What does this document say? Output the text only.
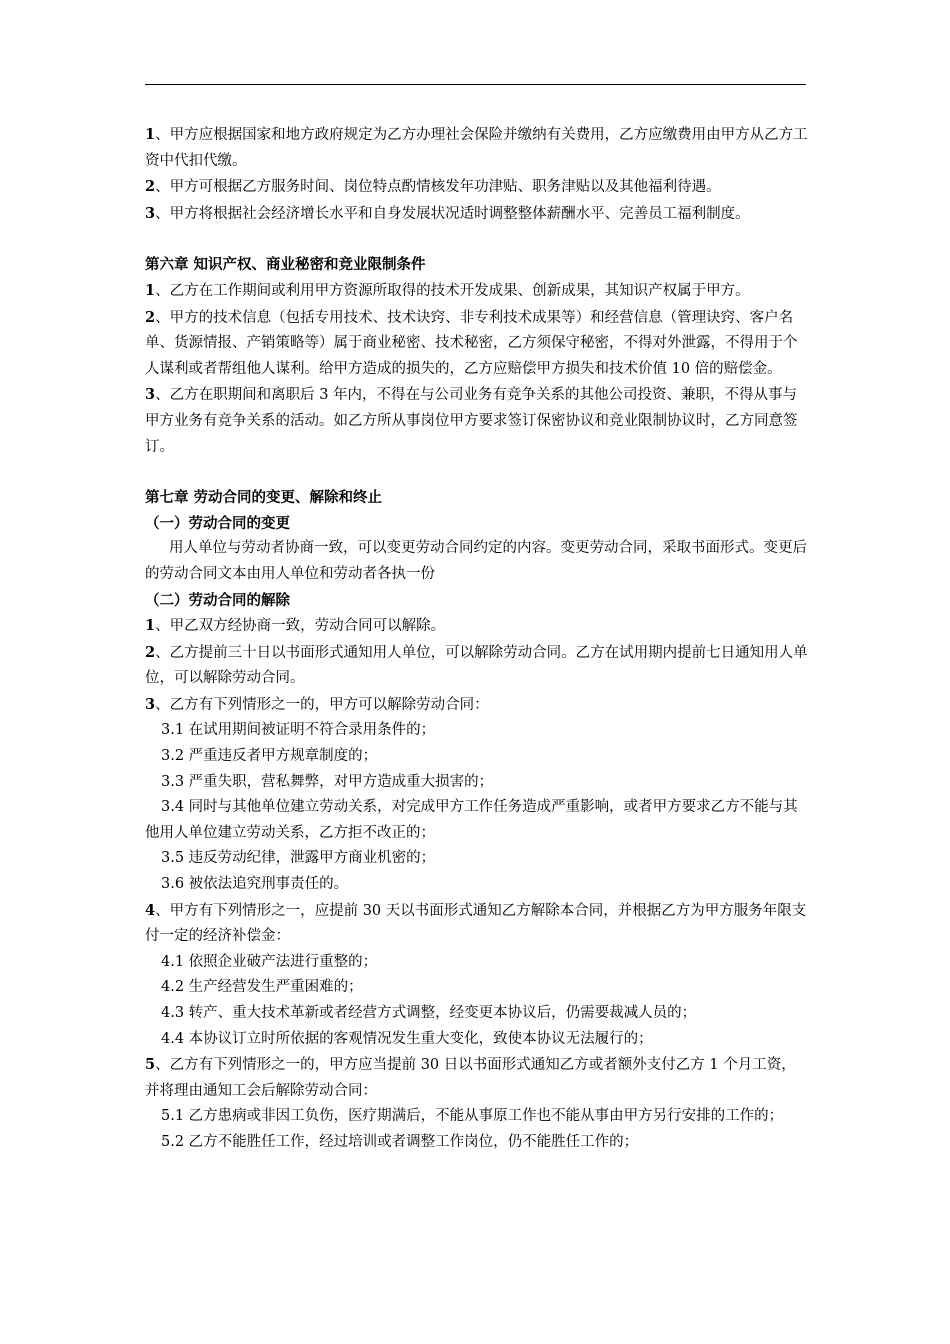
1、甲方应根据国家和地方政府规定为乙方办理社会保险并缴纳有关费用，乙方应缴费用由甲方从乙方工资中代扣代缴。

2、甲方可根据乙方服务时间、岗位特点酌情核发年功津贴、职务津贴以及其他福利待遇。

3、甲方将根据社会经济增长水平和自身发展状况适时调整整体薪酬水平、完善员工福利制度。

第六章 知识产权、商业秘密和竞业限制条件

1、乙方在工作期间或利用甲方资源所取得的技术开发成果、创新成果，其知识产权属于甲方。

2、甲方的技术信息（包括专用技术、技术诀窍、非专利技术成果等）和经营信息（管理诀窍、客户名单、货源情报、产销策略等）属于商业秘密、技术秘密，乙方须保守秘密，不得对外泄露，不得用于个人谋利或者帮组他人谋利。给甲方造成的损失的，乙方应赔偿甲方损失和技术价值 10 倍的赔偿金。

3、乙方在职期间和离职后 3 年内，不得在与公司业务有竞争关系的其他公司投资、兼职，不得从事与甲方业务有竞争关系的活动。如乙方所从事岗位甲方要求签订保密协议和竞业限制协议时，乙方同意签订。

第七章 劳动合同的变更、解除和终止

（一）劳动合同的变更

用人单位与劳动者协商一致，可以变更劳动合同约定的内容。变更劳动合同，采取书面形式。变更后的劳动合同文本由用人单位和劳动者各执一份

（二）劳动合同的解除

1、甲乙双方经协商一致，劳动合同可以解除。

2、乙方提前三十日以书面形式通知用人单位，可以解除劳动合同。乙方在试用期内提前七日通知用人单位，可以解除劳动合同。

3、乙方有下列情形之一的，甲方可以解除劳动合同：

3.1 在试用期间被证明不符合录用条件的；

3.2 严重违反者甲方规章制度的；

3.3 严重失职，营私舞弊，对甲方造成重大损害的；

3.4 同时与其他单位建立劳动关系，对完成甲方工作任务造成严重影响，或者甲方要求乙方不能与其他用人单位建立劳动关系，乙方拒不改正的；

3.5 违反劳动纪律，泄露甲方商业机密的；

3.6 被依法追究刑事责任的。

4、甲方有下列情形之一，应提前 30 天以书面形式通知乙方解除本合同，并根据乙方为甲方服务年限支付一定的经济补偿金：

4.1 依照企业破产法进行重整的；

4.2 生产经营发生严重困难的；

4.3 转产、重大技术革新或者经营方式调整，经变更本协议后，仍需要裁减人员的；

4.4 本协议订立时所依据的客观情况发生重大变化，致使本协议无法履行的；

5、乙方有下列情形之一的，甲方应当提前 30 日以书面形式通知乙方或者额外支付乙方 1 个月工资，并将理由通知工会后解除劳动合同：

5.1 乙方患病或非因工负伤，医疗期满后，不能从事原工作也不能从事由甲方另行安排的工作的；

5.2 乙方不能胜任工作，经过培训或者调整工作岗位，仍不能胜任工作的；
